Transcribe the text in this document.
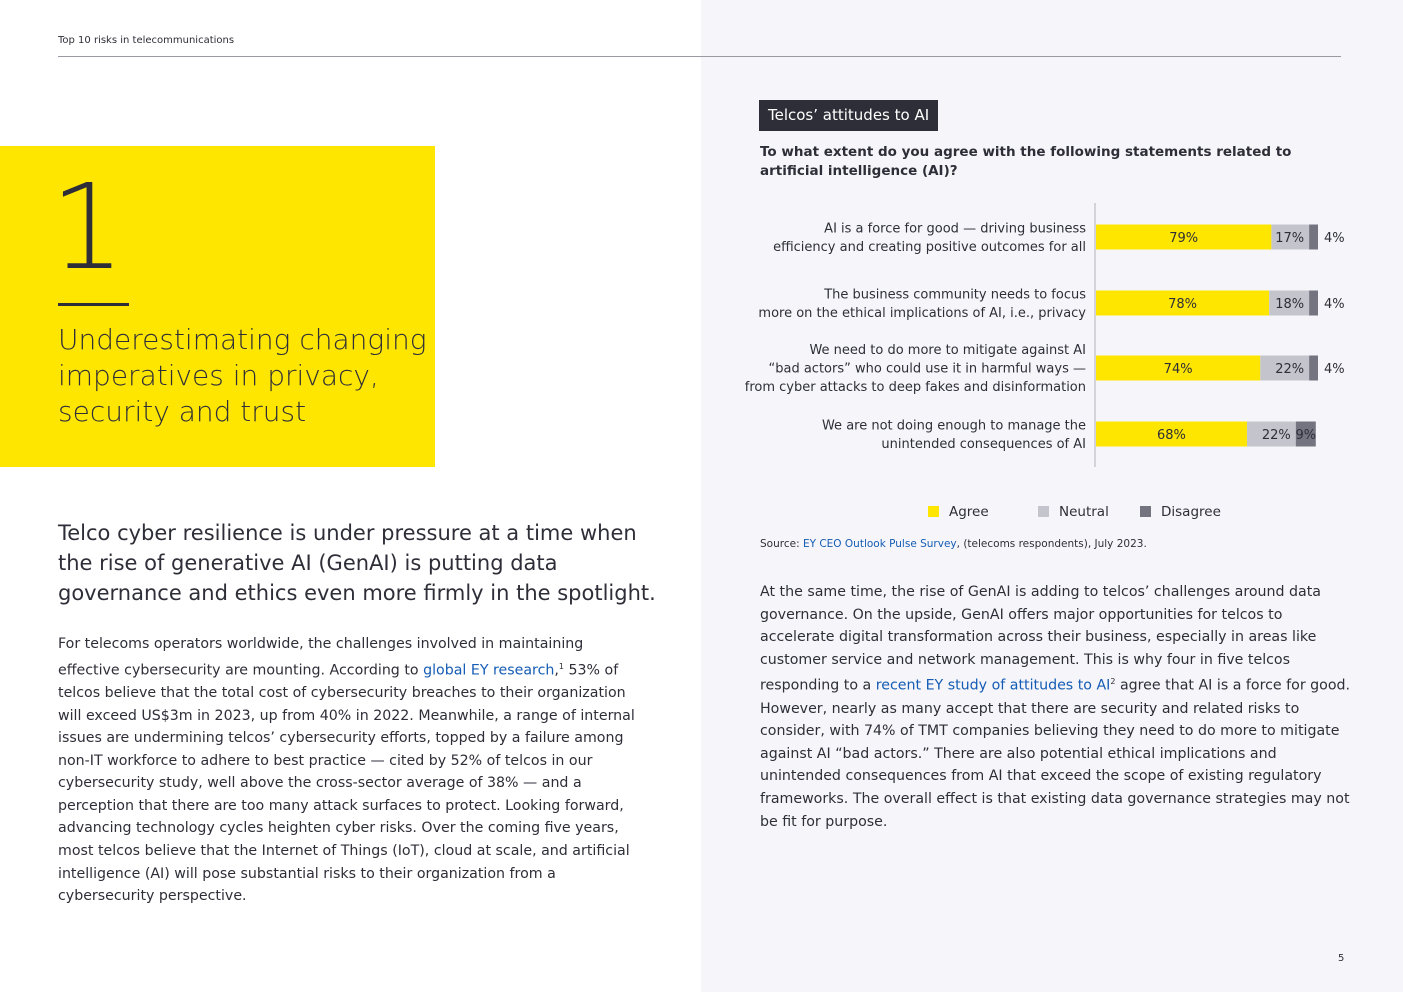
Top 10 risks in telecommunications
1
Underestimating changing imperatives in privacy, security and trust
Telco cyber resilience is under pressure at a time when the rise of generative AI (GenAI) is putting data governance and ethics even more firmly in the spotlight.
For telecoms operators worldwide, the challenges involved in maintaining effective cybersecurity are mounting. According to global EY research,$^1$ 53% of telcos believe that the total cost of cybersecurity breaches to their organization will exceed US$3m in 2023, up from 40% in 2022. Meanwhile, a range of internal issues are undermining telcos’ cybersecurity efforts, topped by a failure among non-IT workforce to adhere to best practice — cited by 52% of telcos in our cybersecurity study, well above the cross-sector average of 38% — and a perception that there are too many attack surfaces to protect. Looking forward, advancing technology cycles heighten cyber risks. Over the coming five years, most telcos believe that the Internet of Things (IoT), cloud at scale, and artificial intelligence (AI) will pose substantial risks to their organization from a cybersecurity perspective.
Telcos’ attitudes to AI
To what extent do you agree with the following statements related to artificial intelligence (AI)?
AI is a force for good — driving business
efficiency and creating positive outcomes for all
79%	17% 4%
The business community needs to focus
more on the ethical implications of AI, i.e., privacy
78%	18% 4%
We need to do more to mitigate against AI
“bad actors” who could use it in harmful ways —
from cyber attacks to deep fakes and disinformation
74%	22% 4%
We are not doing enough to manage the
unintended consequences of AI
68%	22% 9%
Agree	Neutral	Disagree
Source: EY CEO Outlook Pulse Survey, (telecoms respondents), July 2023.
At the same time, the rise of GenAI is adding to telcos’ challenges around data governance. On the upside, GenAI offers major opportunities for telcos to accelerate digital transformation across their business, especially in areas like customer service and network management. This is why four in five telcos responding to a recent EY study of attitudes to $AI^2$ agree that AI is a force for good. However, nearly as many accept that there are security and related risks to consider, with 74% of TMT companies believing they need to do more to mitigate against AI “bad actors.” There are also potential ethical implications and unintended consequences from AI that exceed the scope of existing regulatory frameworks. The overall effect is that existing data governance strategies may not be fit for purpose.
5
